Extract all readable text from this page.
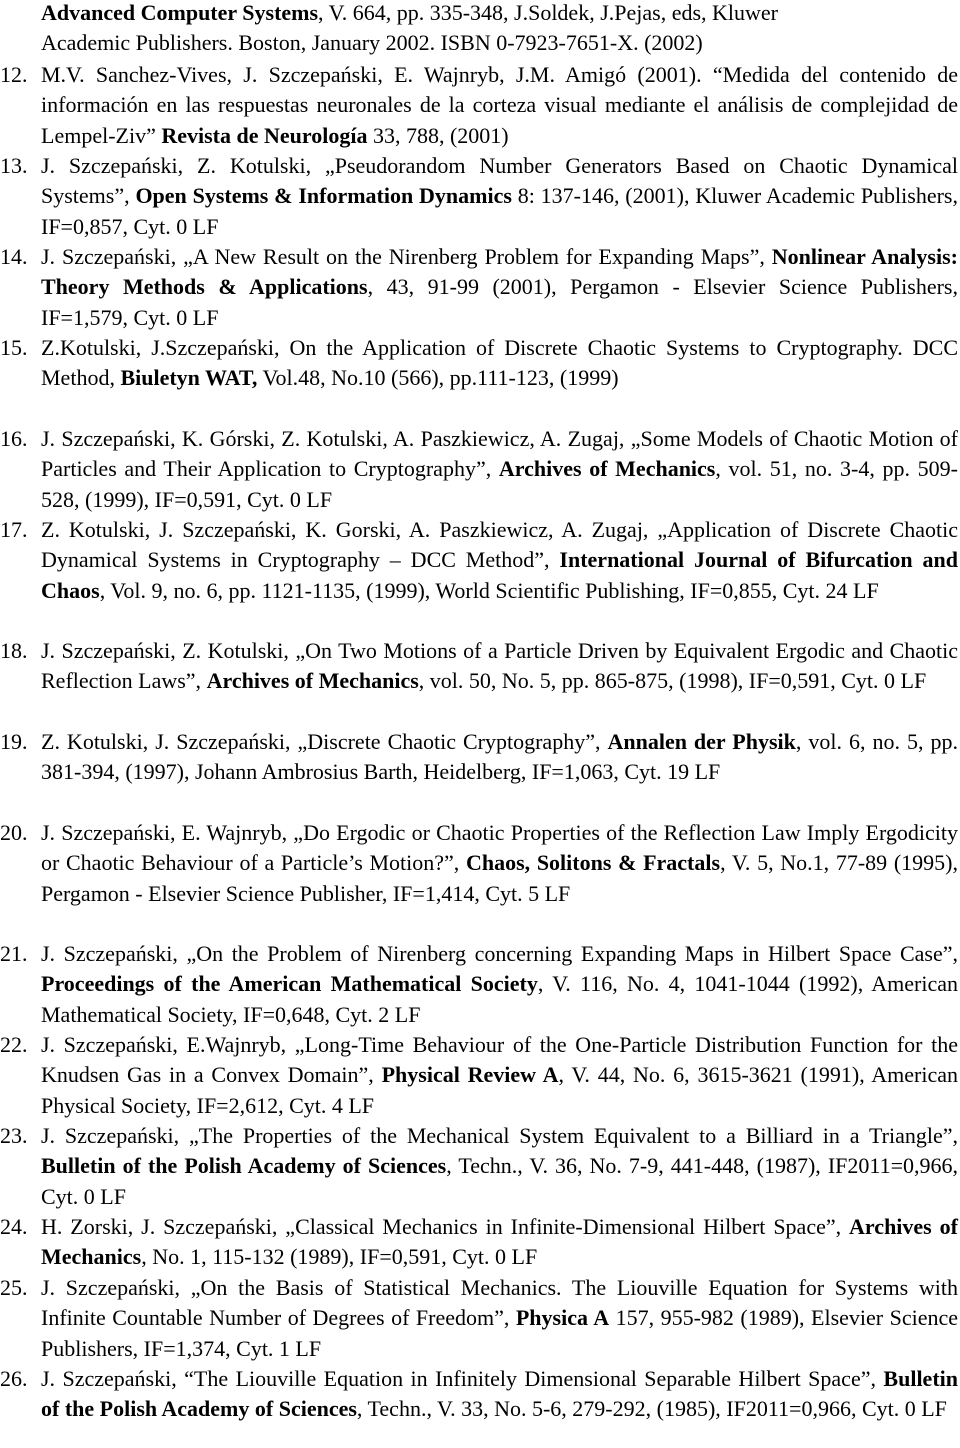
Advanced Computer Systems, V. 664, pp. 335-348, J.Soldek, J.Pejas, eds, Kluwer
Academic Publishers. Boston, January 2002. ISBN 0-7923-7651-X. (2002)

12. M.V. Sanchez-Vives, J. Szczepański, E. Wajnryb, J.M. Amigó (2001). “Medida del contenido de información en las respuestas neuronales de la corteza visual mediante el análisis de complejidad de Lempel-Ziv” Revista de Neurología 33, 788, (2001)

13. J. Szczepański, Z. Kotulski, „Pseudorandom Number Generators Based on Chaotic Dynamical Systems”, Open Systems & Information Dynamics 8: 137-146, (2001), Kluwer Academic Publishers, IF=0,857, Cyt. 0 LF

14. J. Szczepański, „A New Result on the Nirenberg Problem for Expanding Maps”, Nonlinear Analysis: Theory Methods & Applications, 43, 91-99 (2001), Pergamon - Elsevier Science Publishers, IF=1,579, Cyt. 0 LF

15. Z.Kotulski, J.Szczepański, On the Application of Discrete Chaotic Systems to Cryptography. DCC Method, Biuletyn WAT, Vol.48, No.10 (566), pp.111-123, (1999)

16. J. Szczepański, K. Górski, Z. Kotulski, A. Paszkiewicz, A. Zugaj, „Some Models of Chaotic Motion of Particles and Their Application to Cryptography”, Archives of Mechanics, vol. 51, no. 3-4, pp. 509-528, (1999), IF=0,591, Cyt. 0 LF

17. Z. Kotulski, J. Szczepański, K. Gorski, A. Paszkiewicz, A. Zugaj, „Application of Discrete Chaotic Dynamical Systems in Cryptography – DCC Method”, International Journal of Bifurcation and Chaos, Vol. 9, no. 6, pp. 1121-1135, (1999), World Scientific Publishing, IF=0,855, Cyt. 24 LF

18. J. Szczepański, Z. Kotulski, „On Two Motions of a Particle Driven by Equivalent Ergodic and Chaotic Reflection Laws”, Archives of Mechanics, vol. 50, No. 5, pp. 865-875, (1998), IF=0,591, Cyt. 0 LF

19. Z. Kotulski, J. Szczepański, „Discrete Chaotic Cryptography”, Annalen der Physik, vol. 6, no. 5, pp. 381-394, (1997), Johann Ambrosius Barth, Heidelberg, IF=1,063, Cyt. 19 LF

20. J. Szczepański, E. Wajnryb, „Do Ergodic or Chaotic Properties of the Reflection Law Imply Ergodicity or Chaotic Behaviour of a Particle’s Motion?”, Chaos, Solitons & Fractals, V. 5, No.1, 77-89 (1995), Pergamon - Elsevier Science Publisher, IF=1,414, Cyt. 5 LF

21. J. Szczepański, „On the Problem of Nirenberg concerning Expanding Maps in Hilbert Space Case”, Proceedings of the American Mathematical Society, V. 116, No. 4, 1041-1044 (1992), American Mathematical Society, IF=0,648, Cyt. 2 LF

22. J. Szczepański, E.Wajnryb, „Long-Time Behaviour of the One-Particle Distribution Function for the Knudsen Gas in a Convex Domain”, Physical Review A, V. 44, No. 6, 3615-3621 (1991), American Physical Society, IF=2,612, Cyt. 4 LF

23. J. Szczepański, „The Properties of the Mechanical System Equivalent to a Billiard in a Triangle”, Bulletin of the Polish Academy of Sciences, Techn., V. 36, No. 7-9, 441-448, (1987), IF2011=0,966, Cyt. 0 LF

24. H. Zorski, J. Szczepański, „Classical Mechanics in Infinite-Dimensional Hilbert Space”, Archives of Mechanics, No. 1, 115-132 (1989), IF=0,591, Cyt. 0 LF

25. J. Szczepański, „On the Basis of Statistical Mechanics. The Liouville Equation for Systems with Infinite Countable Number of Degrees of Freedom”, Physica A 157, 955-982 (1989), Elsevier Science Publishers, IF=1,374, Cyt. 1 LF

26. J. Szczepański, “The Liouville Equation in Infinitely Dimensional Separable Hilbert Space”, Bulletin of the Polish Academy of Sciences, Techn., V. 33, No. 5-6, 279-292, (1985), IF2011=0,966, Cyt. 0 LF
